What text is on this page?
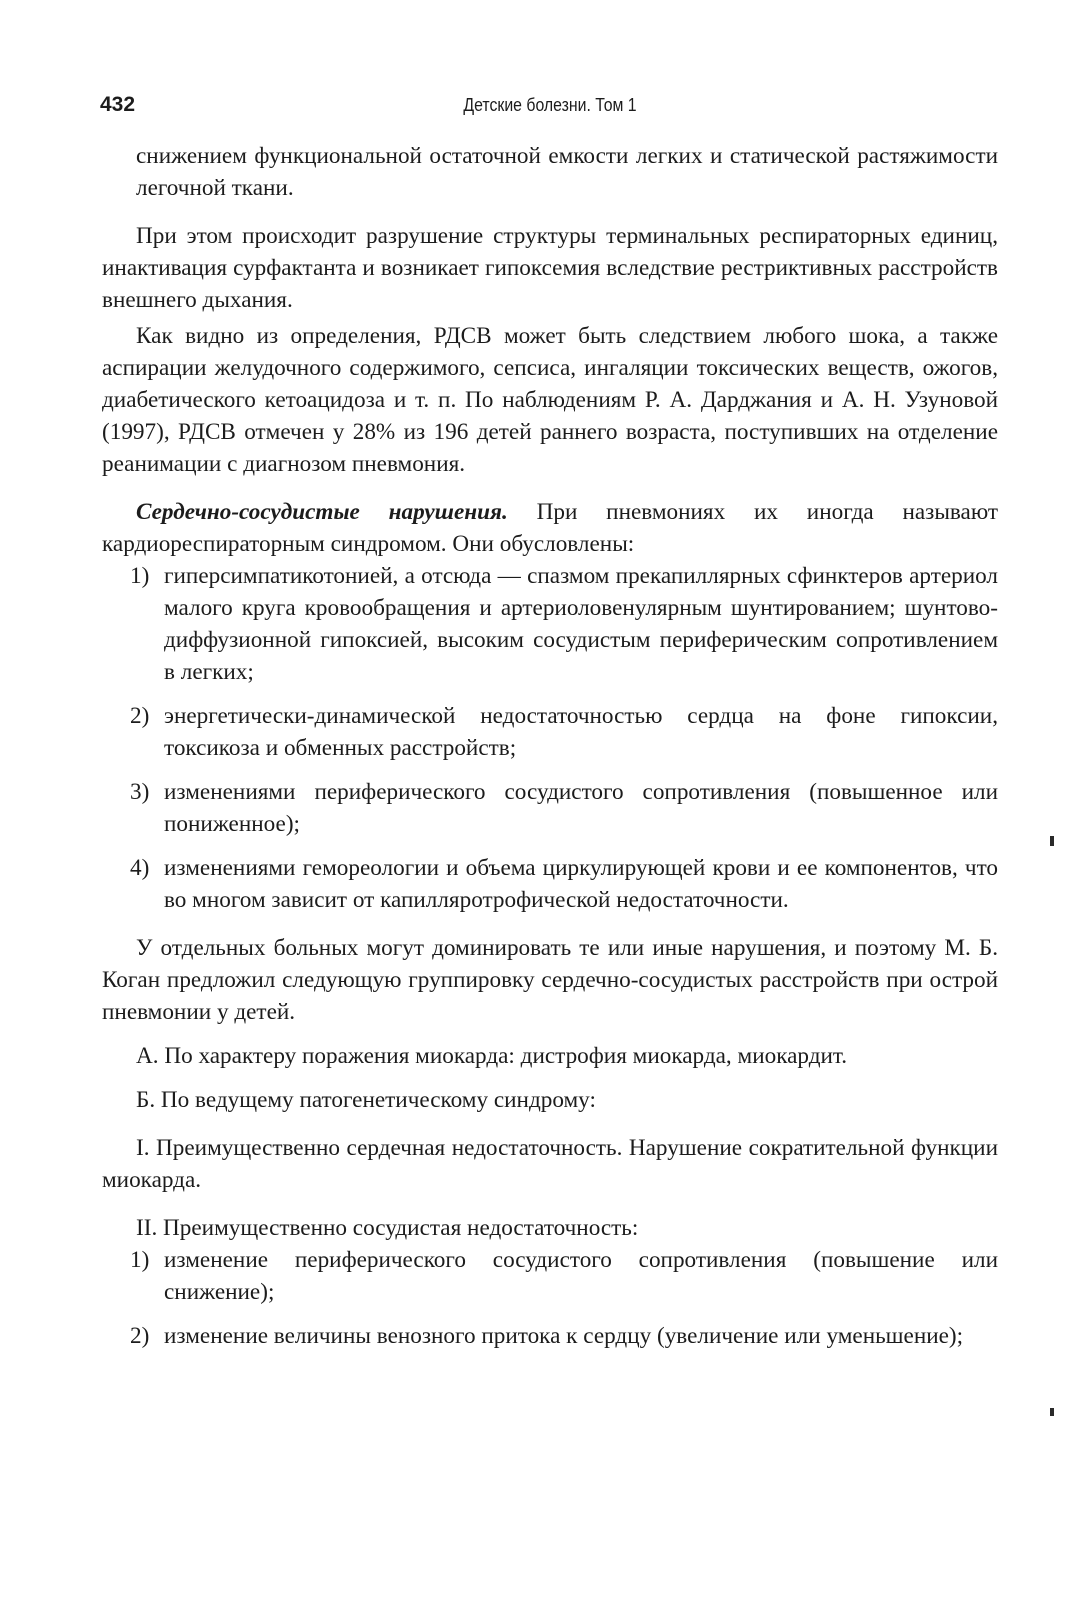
432	Детские болезни. Том 1

снижением функциональной остаточной емкости легких и статической растяжимости легочной ткани.

При этом происходит разрушение структуры терминальных респираторных единиц, инактивация сурфактанта и возникает гипоксемия вследствие рестриктивных расстройств внешнего дыхания.

Как видно из определения, РДСВ может быть следствием любого шока, а также аспирации желудочного содержимого, сепсиса, ингаляции токсических веществ, ожогов, диабетического кетоацидоза и т. п. По наблюдениям Р. А. Дарджания и А. Н. Узуновой (1997), РДСВ отмечен у 28% из 196 детей раннего возраста, поступивших на отделение реанимации с диагнозом пневмония.

Сердечно-сосудистые нарушения. При пневмониях их иногда называют кардиореспираторным синдромом. Они обусловлены:

1) гиперсимпатикотонией, а отсюда — спазмом прекапиллярных сфинктеров артериол малого круга кровообращения и артериоловенулярным шунтированием; шунтово-диффузионной гипоксией, высоким сосудистым периферическим сопротивлением в легких;
2) энергетически-динамической недостаточностью сердца на фоне гипоксии, токсикоза и обменных расстройств;
3) изменениями периферического сосудистого сопротивления (повышенное или пониженное);
4) изменениями гемореологии и объема циркулирующей крови и ее компонентов, что во многом зависит от капилляротрофической недостаточности.

У отдельных больных могут доминировать те или иные нарушения, и поэтому М. Б. Коган предложил следующую группировку сердечно-сосудистых расстройств при острой пневмонии у детей.

А. По характеру поражения миокарда: дистрофия миокарда, миокардит.

Б. По ведущему патогенетическому синдрому:

I. Преимущественно сердечная недостаточность. Нарушение сократительной функции миокарда.

II. Преимущественно сосудистая недостаточность:

1) изменение периферического сосудистого сопротивления (повышение или снижение);
2) изменение величины венозного притока к сердцу (увеличение или уменьшение);
